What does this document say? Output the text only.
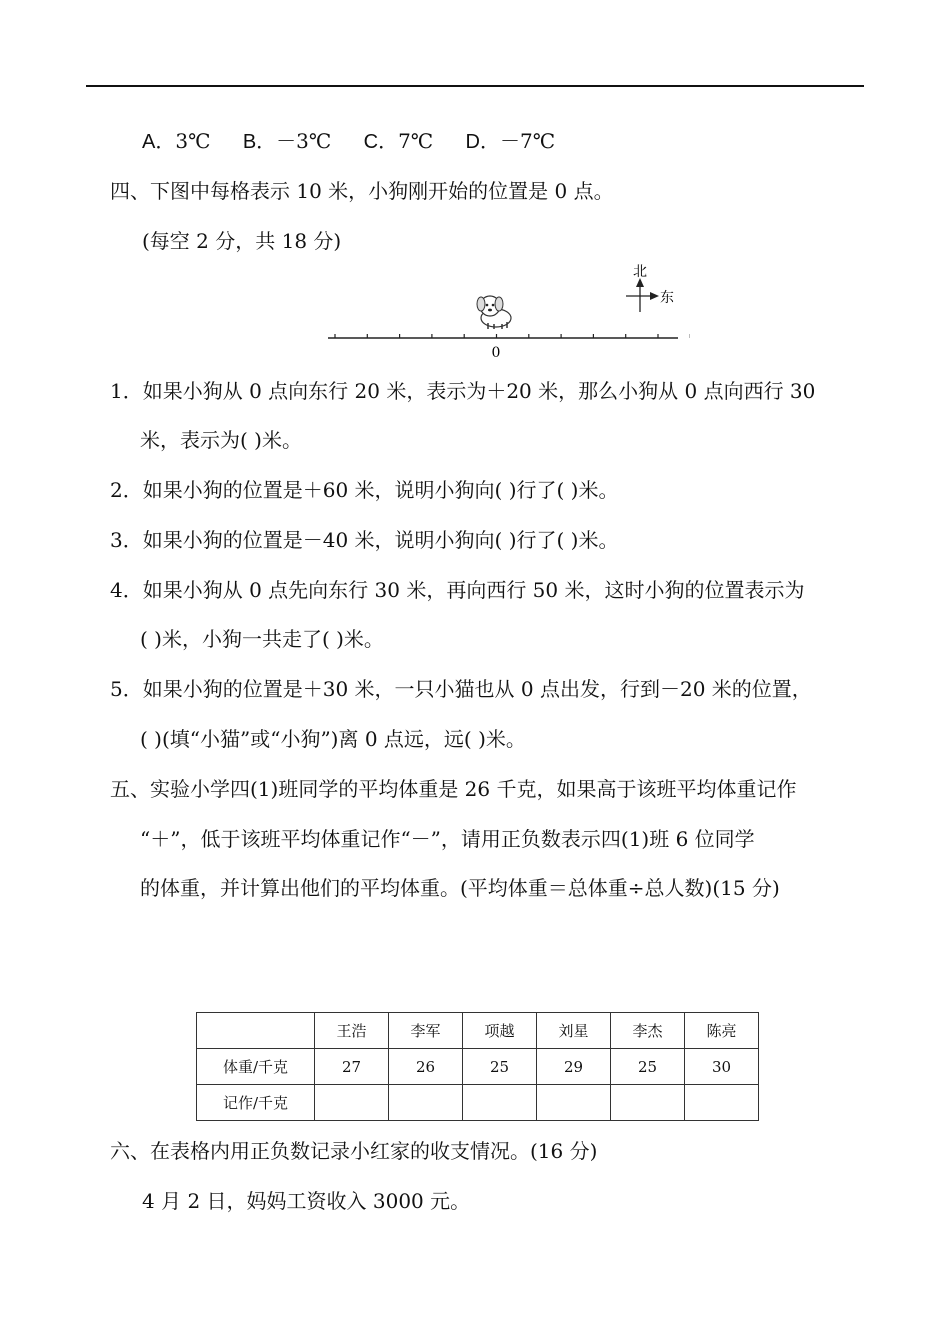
A．3℃ B．－3℃ C．7℃ D．－7℃
四、下图中每格表示 10 米，小狗刚开始的位置是 0 点。
(每空 2 分，共 18 分)
0
北
东
1．如果小狗从 0 点向东行 20 米，表示为＋20 米，那么小狗从 0 点向西行 30
米，表示为( )米。
2．如果小狗的位置是＋60 米，说明小狗向( )行了( )米。
3．如果小狗的位置是－40 米，说明小狗向( )行了( )米。
4．如果小狗从 0 点先向东行 30 米，再向西行 50 米，这时小狗的位置表示为
( )米，小狗一共走了( )米。
5．如果小狗的位置是＋30 米，一只小猫也从 0 点出发，行到－20 米的位置，
( )(填“小猫”或“小狗”)离 0 点远，远( )米。
五、实验小学四(1)班同学的平均体重是 26 千克，如果高于该班平均体重记作
“＋”，低于该班平均体重记作“－”，请用正负数表示四(1)班 6 位同学
的体重，并计算出他们的平均体重。(平均体重＝总体重÷总人数)(15 分)
	王浩	李军	项越	刘星	李杰	陈亮
体重/千克	27	26	25	29	25	30
记作/千克						
六、在表格内用正负数记录小红家的收支情况。(16 分)
4 月 2 日，妈妈工资收入 3000 元。
